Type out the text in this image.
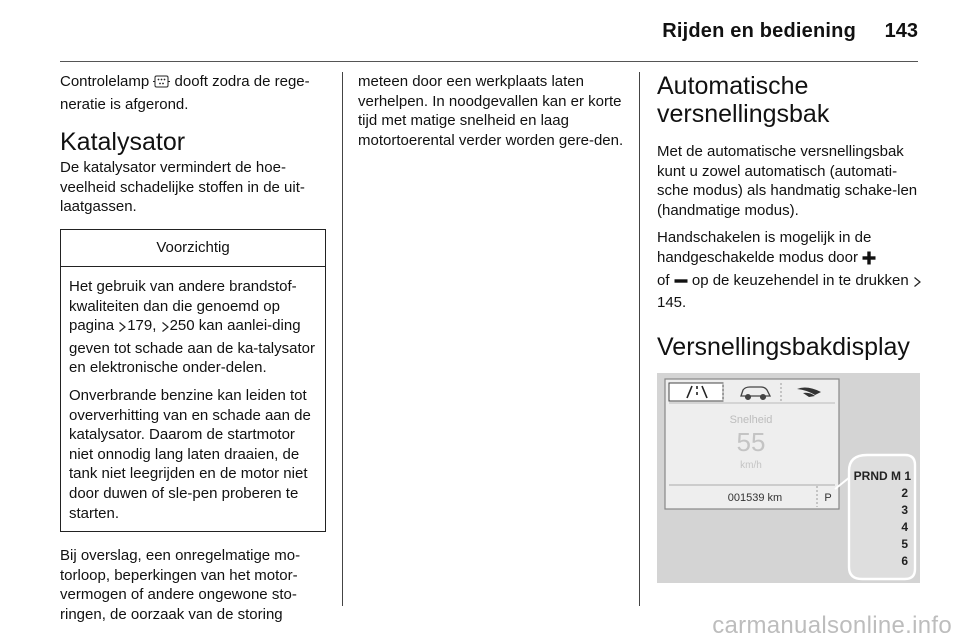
Rijden en bediening 143

Controlelamp  dooft zodra de rege-neratie is afgerond.

Katalysator

De katalysator vermindert de hoe-veelheid schadelijke stoffen in de uit-laatgassen.

Voorzichtig

Het gebruik van andere brandstof-kwaliteiten dan die genoemd op pagina 179, 250 kan aanlei-ding geven tot schade aan de ka-talysator en elektronische onder-delen.

Onverbrande benzine kan leiden tot oververhitting van en schade aan de katalysator. Daarom de startmotor niet onnodig lang laten draaien, de tank niet leegrijden en de motor niet door duwen of sle-pen proberen te starten.

Bij overslag, een onregelmatige mo-torloop, beperkingen van het motor-vermogen of andere ongewone sto-ringen, de oorzaak van de storing

meteen door een werkplaats laten verhelpen. In noodgevallen kan er korte tijd met matige snelheid en laag motortoerental verder worden gere-den.

Automatische versnellingsbak

Met de automatische versnellingsbak kunt u zowel automatisch (automati-sche modus) als handmatig schake-len (handmatige modus).

Handschakelen is mogelijk in de handgeschakelde modus door
of  op de keuzehendel in te drukken 145.

Versnellingsbakdisplay
Snelheid
55
km/h
001539 km	P
PRND M 1
2
3
4
5
6
carmanualsonline.info
